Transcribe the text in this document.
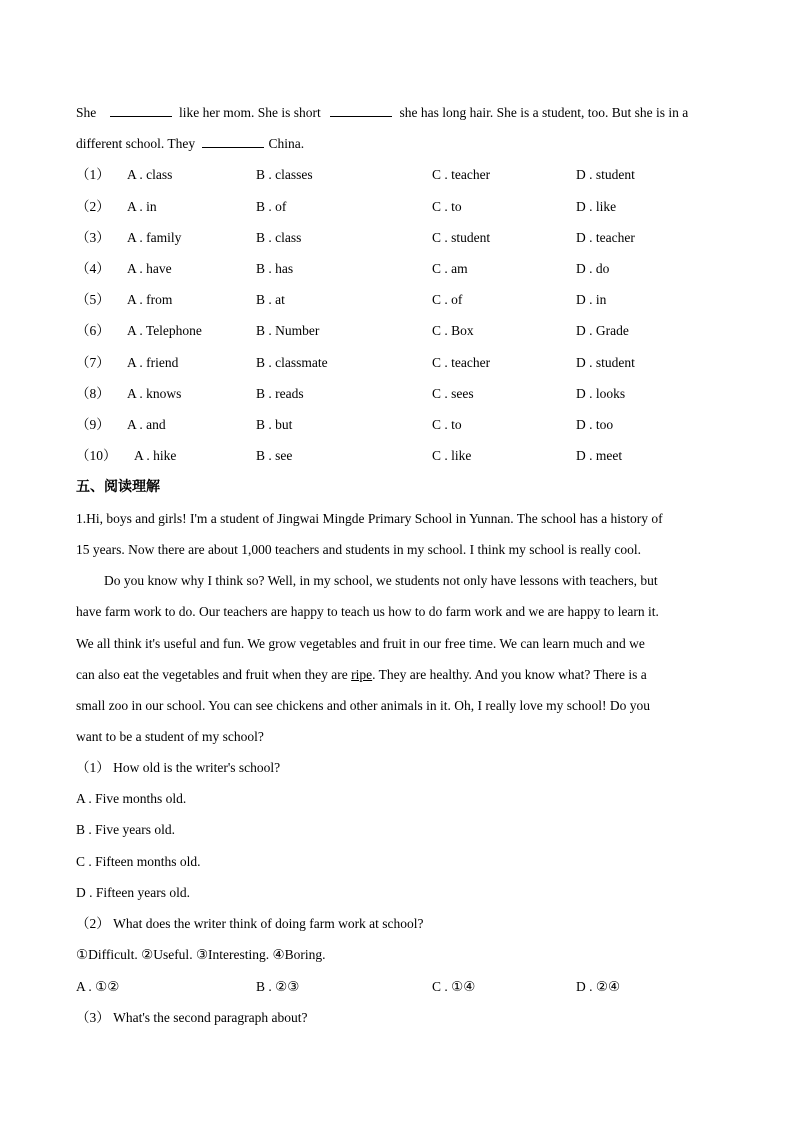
She	like her mom. She is short	she has long hair. She is a student, too. But she is in a
different school. They	China.
（1） A . class	B . classes	C . teacher	D . student
（2） A . in	B . of	C . to	D . like
（3） A . family	B . class	C . student	D . teacher
（4） A . have	B . has	C . am	D . do
（5） A . from	B . at	C . of	D . in
（6） A . Telephone	B . Number	C . Box	D . Grade
（7） A . friend	B . classmate	C . teacher	D . student
（8） A . knows	B . reads	C . sees	D . looks
（9） A . and	B . but	C . to	D . too
（10） A . hike	B . see	C . like	D . meet
五、阅读理解
1.Hi, boys and girls! I'm a student of Jingwai Mingde Primary School in Yunnan. The school has a history of
15 years. Now there are about 1,000 teachers and students in my school. I think my school is really cool.
Do you know why I think so? Well, in my school, we students not only have lessons with teachers, but
have farm work to do. Our teachers are happy to teach us how to do farm work and we are happy to learn it.
We all think it's useful and fun. We grow vegetables and fruit in our free time. We can learn much and we
can also eat the vegetables and fruit when they are ripe. They are healthy. And you know what? There is a
small zoo in our school. You can see chickens and other animals in it. Oh, I really love my school! Do you
want to be a student of my school?
（1） How old is the writer's school?
A . Five months old.
B . Five years old.
C . Fifteen months old.
D . Fifteen years old.
（2） What does the writer think of doing farm work at school?
①Difficult. ②Useful. ③Interesting. ④Boring.
A . ①②	B . ②③	C . ①④	D . ②④
（3） What's the second paragraph about?
